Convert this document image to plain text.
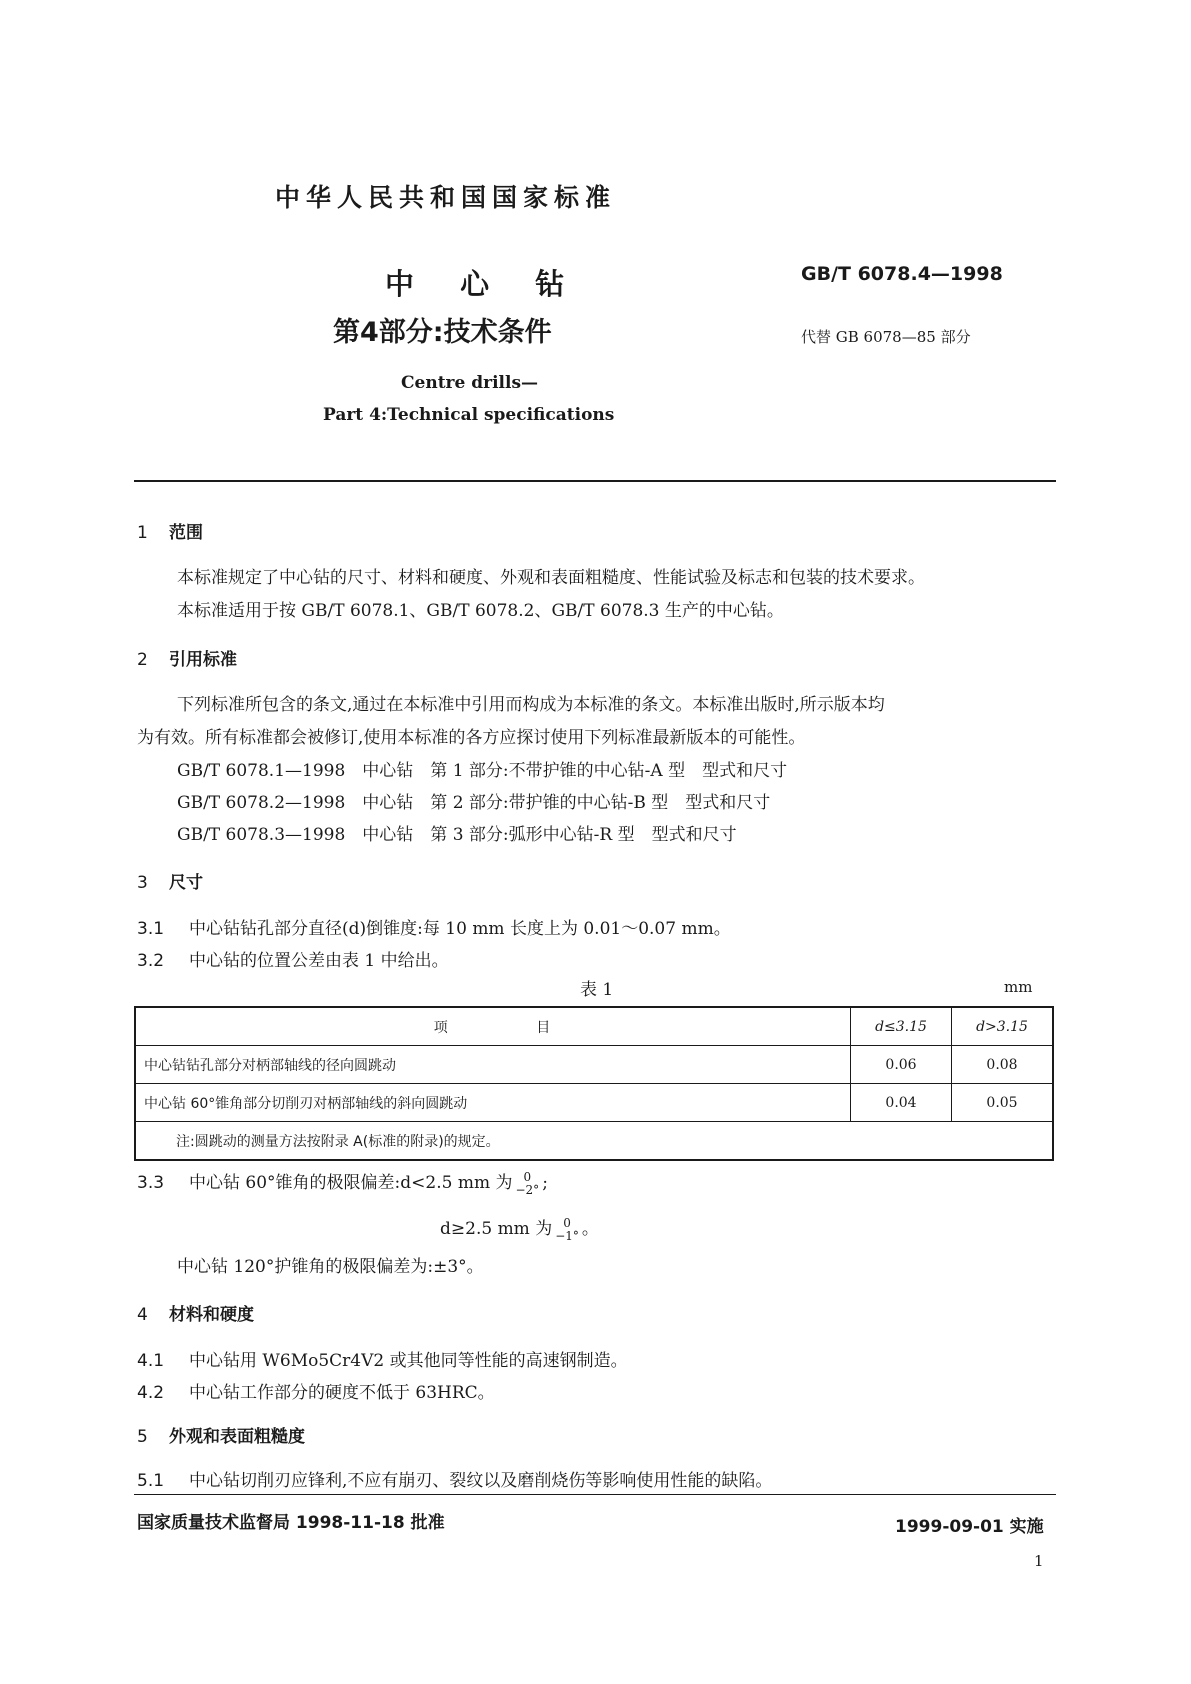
中华人民共和国国家标准
中 心 钻
第4部分:技术条件
GB/T 6078.4—1998
代替 GB 6078—85 部分
Centre drills—
Part 4:Technical specifications
1 范围
本标准规定了中心钻的尺寸、材料和硬度、外观和表面粗糙度、性能试验及标志和包装的技术要求。
本标准适用于按 GB/T 6078.1、GB/T 6078.2、GB/T 6078.3 生产的中心钻。
2 引用标准
下列标准所包含的条文,通过在本标准中引用而构成为本标准的条文。本标准出版时,所示版本均
为有效。所有标准都会被修订,使用本标准的各方应探讨使用下列标准最新版本的可能性。
GB/T 6078.1—1998　中心钻　第 1 部分:不带护锥的中心钻-A 型　型式和尺寸
GB/T 6078.2—1998　中心钻　第 2 部分:带护锥的中心钻-B 型　型式和尺寸
GB/T 6078.3—1998　中心钻　第 3 部分:弧形中心钻-R 型　型式和尺寸
3 尺寸
3.1 中心钻钻孔部分直径(d)倒锥度:每 10 mm 长度上为 0.01～0.07 mm。
3.2 中心钻的位置公差由表 1 中给出。
表 1	mm
项 目	d≤3.15	d>3.15
中心钻钻孔部分对柄部轴线的径向圆跳动	0.06	0.08
中心钻 60°锥角部分切削刃对柄部轴线的斜向圆跳动	0.04	0.05
注:圆跳动的测量方法按附录 A(标准的附录)的规定。		
3.3 中心钻 60°锥角的极限偏差:d<2.5 mm 为 0
−2° ;
d≥2.5 mm 为 0
−1° 。
中心钻 120°护锥角的极限偏差为:±3°。
4 材料和硬度
4.1 中心钻用 W6Mo5Cr4V2 或其他同等性能的高速钢制造。
4.2 中心钻工作部分的硬度不低于 63HRC。
5 外观和表面粗糙度
5.1 中心钻切削刃应锋利,不应有崩刃、裂纹以及磨削烧伤等影响使用性能的缺陷。
国家质量技术监督局 1998-11-18 批准	1999-09-01 实施
1
